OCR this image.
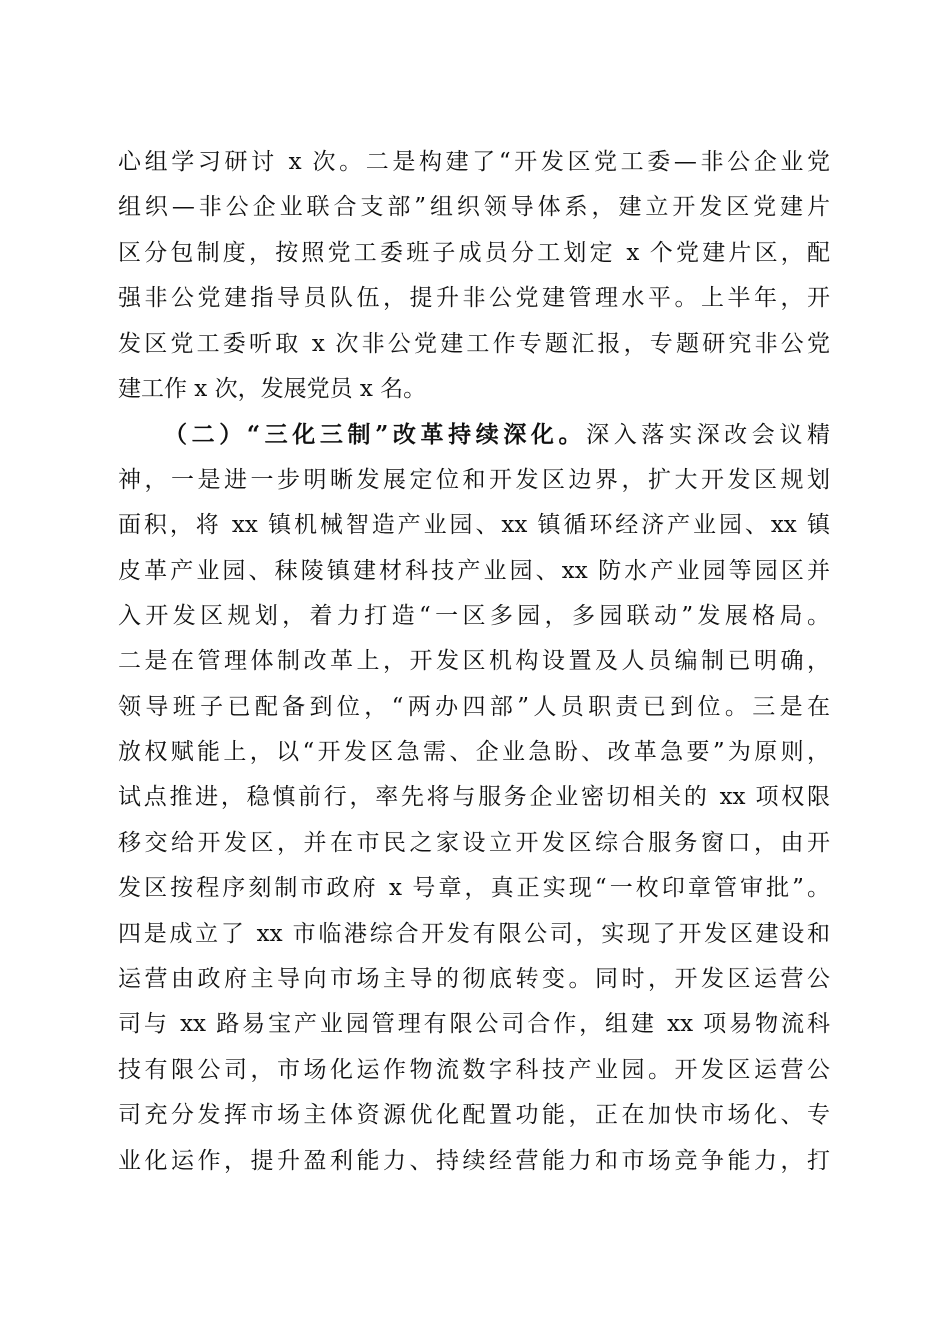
心组学习研讨 x 次。二是构建了“开发区党工委—非公企业党
组织—非公企业联合支部”组织领导体系，建立开发区党建片
区分包制度，按照党工委班子成员分工划定 x 个党建片区，配
强非公党建指导员队伍，提升非公党建管理水平。上半年，开
发区党工委听取 x 次非公党建工作专题汇报，专题研究非公党
建工作 x 次，发展党员 x 名。
（二）“三化三制”改革持续深化。深入落实深改会议精
神，一是进一步明晰发展定位和开发区边界，扩大开发区规划
面积，将 xx 镇机械智造产业园、xx 镇循环经济产业园、xx 镇
皮革产业园、秣陵镇建材科技产业园、xx 防水产业园等园区并
入开发区规划，着力打造“一区多园，多园联动”发展格局。
二是在管理体制改革上，开发区机构设置及人员编制已明确，
领导班子已配备到位，“两办四部”人员职责已到位。三是在
放权赋能上，以“开发区急需、企业急盼、改革急要”为原则，
试点推进，稳慎前行，率先将与服务企业密切相关的 xx 项权限
移交给开发区，并在市民之家设立开发区综合服务窗口，由开
发区按程序刻制市政府 x 号章，真正实现“一枚印章管审批”。
四是成立了 xx 市临港综合开发有限公司，实现了开发区建设和
运营由政府主导向市场主导的彻底转变。同时，开发区运营公
司与 xx 路易宝产业园管理有限公司合作，组建 xx 项易物流科
技有限公司，市场化运作物流数字科技产业园。开发区运营公
司充分发挥市场主体资源优化配置功能，正在加快市场化、专
业化运作，提升盈利能力、持续经营能力和市场竞争能力，打
